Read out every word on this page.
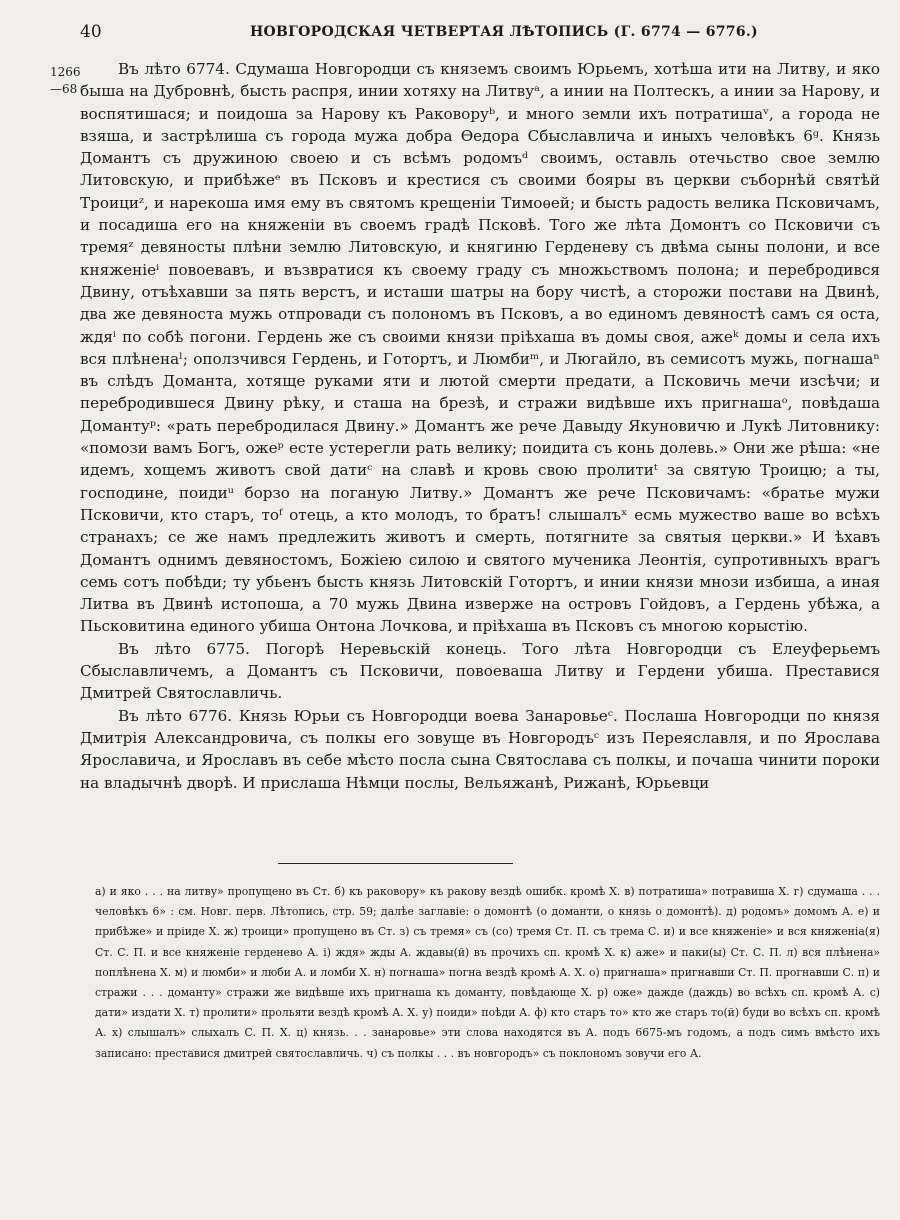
40	НОВГОРОДСКАЯ ЧЕТВЕРТАЯ ЛѢТОПИСЬ (Г. 6774 — 6776.)
1266
—68

Въ лѣто 6774. Сдумаша Новгородци съ княземъ своимъ Юрьемъ, хотѣша ити на Литву, и яко быша на Дубровнѣ, бысть распря, инии хотяху на Литвуᵃ, а инии на Полтескъ, а инии за Нарову, и воспятишася; и поидоша за Нарову къ Раковоруᵇ, и много земли ихъ потратишаᵛ, а города не взяша, и застрѣлиша съ города мужа добра Ѳедора Сбыславлича и иныхъ человѣкъ 6ᵍ. Князь Домантъ съ дружиною своею и съ всѣмъ родомъᵈ своимъ, оставль отечьство свое землю Литовскую, и прибѣжеᵉ въ Псковъ и крестися съ своими бояры въ церкви съборнѣй святѣй Троициᶻ, и нарекоша имя ему въ святомъ крещеніи Тимоѳей; и бысть радость велика Псковичамъ, и посадиша его на княженіи въ своемъ градѣ Псковѣ. Того же лѣта Домонтъ со Псковичи съ тремяᶻ девяносты плѣни землю Литовскую, и княгиню Герденеву съ двѣма сыны полони, и все княженіеⁱ повоевавъ, и възвратися къ своему граду съ множьствомъ полона; и перебродився Двину, отъѣхавши за пять верстъ, и исташи шатры на бору чистѣ, а сторожи постави на Двинѣ, два же девяноста мужь отпровади съ полономъ въ Псковъ, а во единомъ девяностѣ самъ ся оста, ждяⁱ по собѣ погони. Гердень же съ своими князи пріѣхаша въ домы своя, ажеᵏ домы и села ихъ вся плѣненаˡ; оползчився Гердень, и Готортъ, и Люмбиᵐ, и Люгайло, въ семисотъ мужь, погнашаⁿ въ слѣдъ Доманта, хотяще руками яти и лютой смерти предати, а Псковичь мечи изсѣчи; и перебродившеся Двину рѣку, и сташа на брезѣ, и стражи видѣвше ихъ пригнашаᵒ, повѣдаша Домантуᵖ: «рать перебродилася Двину.» Домантъ же рече Давыду Якуновичю и Лукѣ Литовнику: «помози вамъ Богъ, ожеᵖ есте устерегли рать велику; поидита съ конь долевь.» Они же рѣша: «не идемъ, хощемъ животъ свой датиᶜ на славѣ и кровь свою пролитиᵗ за святую Троицю; а ты, господине, поидиᵘ борзо на поганую Литву.» Домантъ же рече Псковичамъ: «братье мужи Псковичи, кто старъ, тоᶠ отець, а кто молодъ, то братъ! слышалъˣ есмь мужество ваше во всѣхъ странахъ; се же намъ предлежить животъ и смерть, потягните за святыя церкви.» И ѣхавъ Домантъ однимъ девяностомъ, Божіею силою и святого мученика Леонтія, супротивныхъ врагъ семь сотъ побѣди; ту убьенъ бысть князь Литовскій Готортъ, и инии князи мнози избиша, а иная Литва въ Двинѣ истопоша, а 70 мужь Двина изверже на островъ Гойдовъ, а Гердень убѣжа, а Пьсковитина единого убиша Онтона Лочкова, и пріѣхаша въ Псковъ съ многою корыстію.

Въ лѣто 6775. Погорѣ Неревьскій конець. Того лѣта Новгородци съ Елеуферьемъ Сбыславличемъ, а Домантъ съ Псковичи, повоеваша Литву и Гердени убиша. Преставися Дмитрей Святославличь.

Въ лѣто 6776. Князь Юрьи съ Новгородци воева Занаровьеᶜ. Послаша Новгородци по князя Дмитрія Александровича, съ полкы его зовуще въ Новгородъᶜ изъ Переяславля, и по Ярослава Ярославича, и Ярославъ въ себе мѣсто посла сына Святослава съ полкы, и почаша чинити пороки на владычнѣ дворѣ. И прислаша Нѣмци послы, Вельяжанѣ, Рижанѣ, Юрьевци

а) и яко . . . на литву» пропущено въ Ст. б) къ раковору» къ ракову вездѣ ошибк. кромѣ Х. в) потратиша» потравиша Х. г) сдумаша . . . человѣкъ 6» : см. Новг. перв. Лѣтопись, стр. 59; далѣе заглавіе: о домонтѣ (о доманти, о князь о домонтѣ). д) родомъ» домомъ А. е) и прибѣже» и пріиде Х. ж) троици» пропущено въ Ст. з) съ тремя» съ (со) тремя Ст. П. съ трема С. и) и все княженіе» и вся княженіа(я) Ст. С. П. и все княженіе герденево А. і) ждя» жды А. ждавы(й) въ прочихъ сп. кромѣ Х. к) аже» и паки(ы) Ст. С. П. л) вся плѣнена» поплѣнена Х. м) и люмби» и люби А. и ломби Х. н) погнаша» погна вездѣ кромѣ А. Х. о) пригнаша» пригнавши Ст. П. прогнавши С. п) и стражи . . . доманту» стражи же видѣвше ихъ пригнаша къ доманту, повѣдающе Х. р) оже» дажде (даждь) во всѣхъ сп. кромѣ А. с) дати» издати Х. т) пролити» прольяти вездѣ кромѣ А. Х. у) поиди» поѣди А. ф) кто старъ то» кто же старъ то(й) буди во всѣхъ сп. кромѣ А. х) слышалъ» слыхалъ С. П. Х. ц) князь. . . занаровье» эти слова находятся въ А. подъ 6675-мъ годомъ, а подъ симъ вмѣсто ихъ записано: преставися дмитрей святославличь. ч) съ полкы . . . въ новгородъ» съ поклономъ зовучи его А.
